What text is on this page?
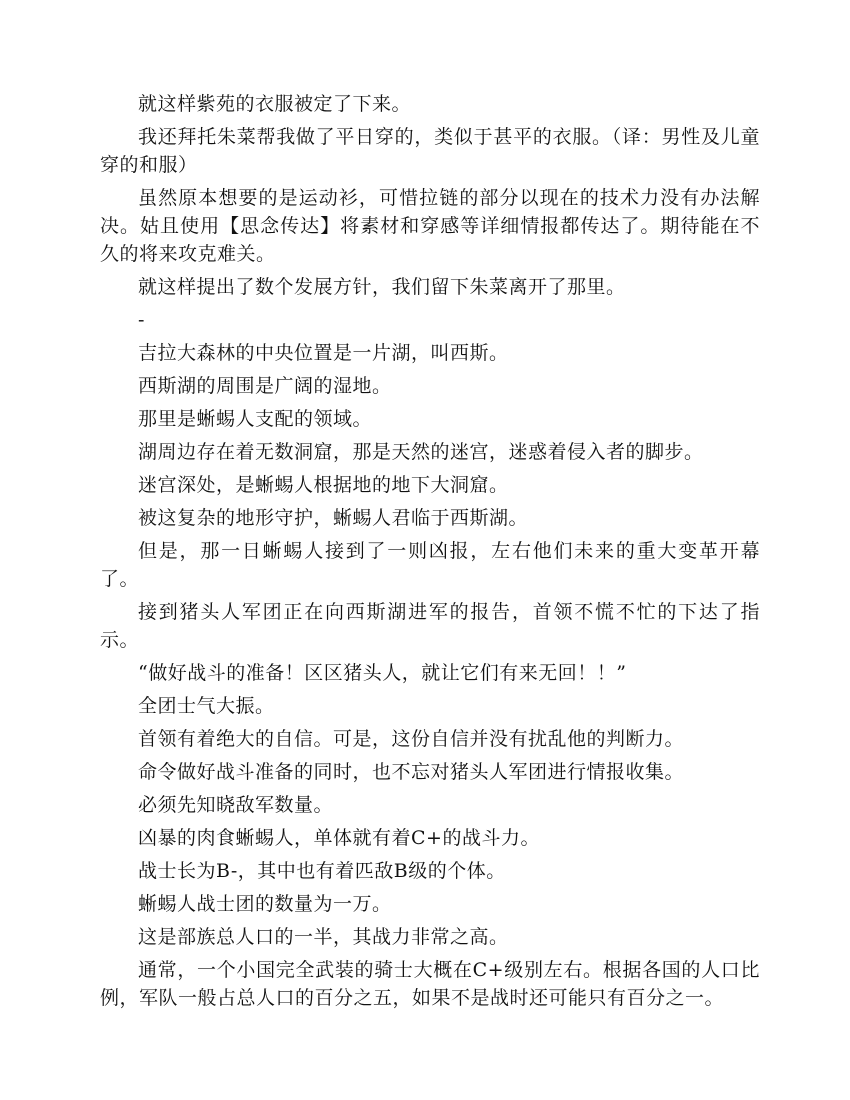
就这样紫苑的衣服被定了下来。

我还拜托朱菜帮我做了平日穿的，类似于甚平的衣服。（译：男性及儿童穿的和服）

虽然原本想要的是运动衫，可惜拉链的部分以现在的技术力没有办法解决。姑且使用【思念传达】将素材和穿感等详细情报都传达了。期待能在不久的将来攻克难关。

就这样提出了数个发展方针，我们留下朱菜离开了那里。

-

吉拉大森林的中央位置是一片湖，叫西斯。

西斯湖的周围是广阔的湿地。

那里是蜥蜴人支配的领域。

湖周边存在着无数洞窟，那是天然的迷宫，迷惑着侵入者的脚步。

迷宫深处，是蜥蜴人根据地的地下大洞窟。

被这复杂的地形守护，蜥蜴人君临于西斯湖。

但是，那一日蜥蜴人接到了一则凶报，左右他们未来的重大变革开幕了。

接到猪头人军团正在向西斯湖进军的报告，首领不慌不忙的下达了指示。

“做好战斗的准备！区区猪头人，就让它们有来无回！！”

全团士气大振。

首领有着绝大的自信。可是，这份自信并没有扰乱他的判断力。

命令做好战斗准备的同时，也不忘对猪头人军团进行情报收集。

必须先知晓敌军数量。

凶暴的肉食蜥蜴人，单体就有着C+的战斗力。

战士长为B-，其中也有着匹敌B级的个体。

蜥蜴人战士团的数量为一万。

这是部族总人口的一半，其战力非常之高。

通常，一个小国完全武装的骑士大概在C+级别左右。根据各国的人口比例，军队一般占总人口的百分之五，如果不是战时还可能只有百分之一。
